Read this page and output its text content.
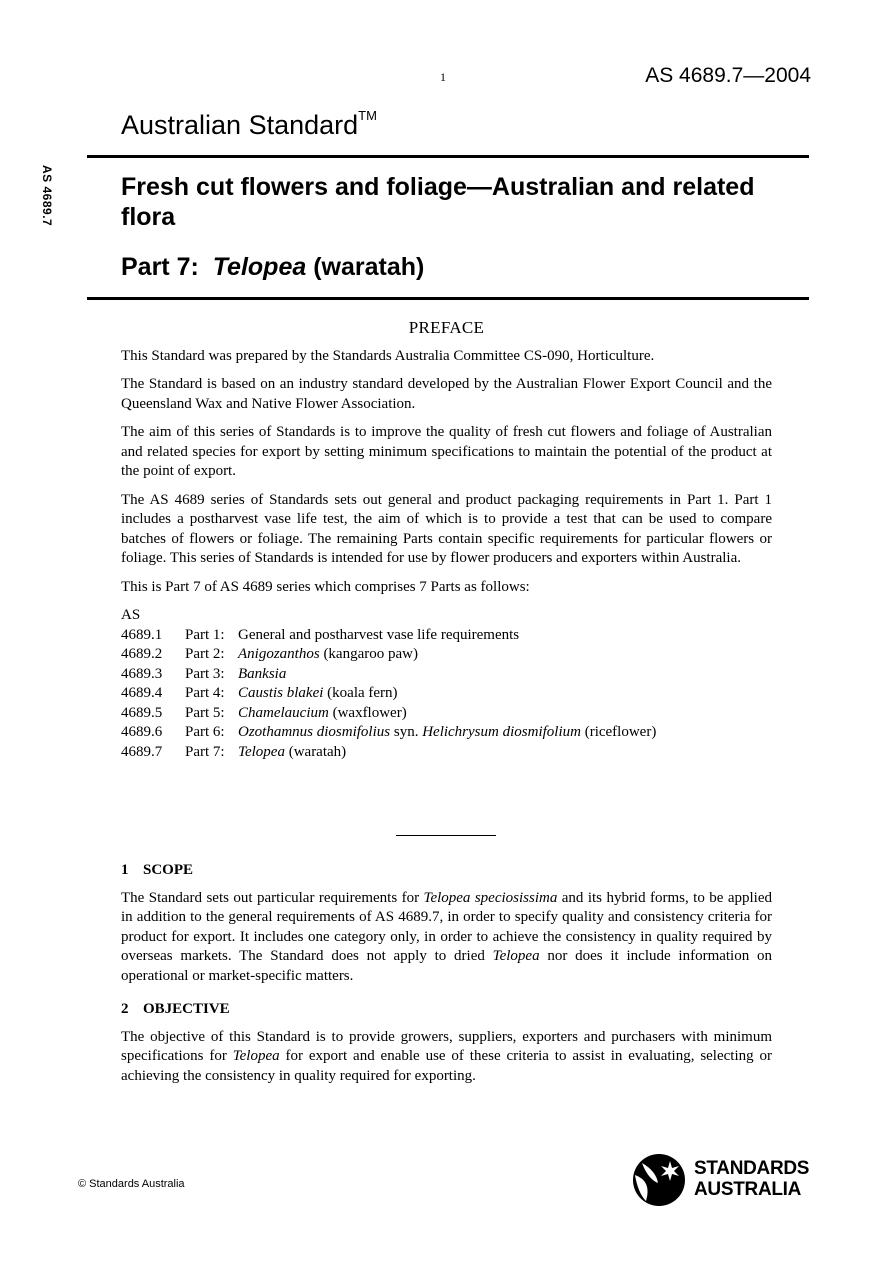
1	AS 4689.7—2004
AS 4689.7
Australian Standard™
Fresh cut flowers and foliage—Australian and related flora
Part 7: Telopea (waratah)
PREFACE

This Standard was prepared by the Standards Australia Committee CS-090, Horticulture.

The Standard is based on an industry standard developed by the Australian Flower Export Council and the Queensland Wax and Native Flower Association.

The aim of this series of Standards is to improve the quality of fresh cut flowers and foliage of Australian and related species for export by setting minimum specifications to maintain the potential of the product at the point of export.

The AS 4689 series of Standards sets out general and product packaging requirements in Part 1. Part 1 includes a postharvest vase life test, the aim of which is to provide a test that can be used to compare batches of flowers or foliage. The remaining Parts contain specific requirements for particular flowers or foliage. This series of Standards is intended for use by flower producers and exporters within Australia.

This is Part 7 of AS 4689 series which comprises 7 Parts as follows:

AS
4689.1	Part 1: General and postharvest vase life requirements
4689.2	Part 2: Anigozanthos (kangaroo paw)
4689.3	Part 3: Banksia
4689.4	Part 4: Caustis blakei (koala fern)
4689.5	Part 5: Chamelaucium (waxflower)
4689.6	Part 6: Ozothamnus diosmifolius syn. Helichrysum diosmifolium (riceflower)
4689.7	Part 7: Telopea (waratah)
1 SCOPE

The Standard sets out particular requirements for Telopea speciosissima and its hybrid forms, to be applied in addition to the general requirements of AS 4689.7, in order to specify quality and consistency criteria for product for export. It includes one category only, in order to achieve the consistency in quality required by overseas markets. The Standard does not apply to dried Telopea nor does it include information on operational or market-specific matters.

2 OBJECTIVE

The objective of this Standard is to provide growers, suppliers, exporters and purchasers with minimum specifications for Telopea for export and enable use of these criteria to assist in evaluating, selecting or achieving the consistency in quality required for exporting.

© Standards Australia
STANDARDS
AUSTRALIA
